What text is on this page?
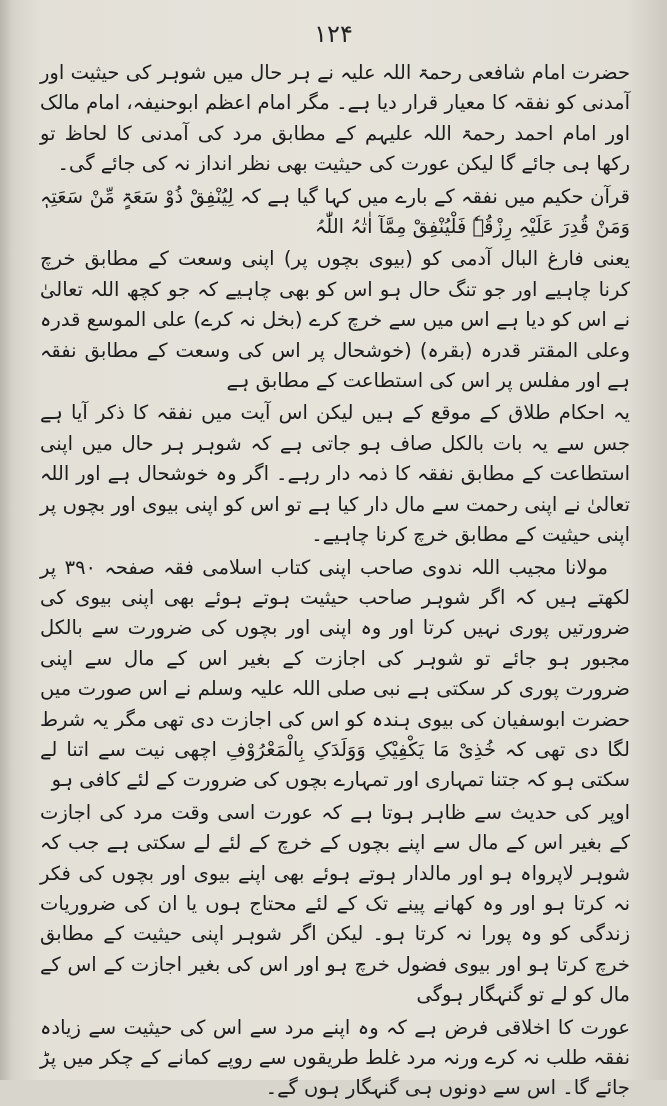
۱۲۴

حضرت امام شافعی رحمۃ اللہ علیہ نے ہر حال میں شوہر کی حیثیت اور آمدنی کو نفقہ کا معیار قرار دیا ہے۔ مگر امام اعظم ابوحنیفہ، امام مالک اور امام احمد رحمۃ اللہ علیہم کے مطابق مرد کی آمدنی کا لحاظ تو رکھا ہی جائے گا لیکن عورت کی حیثیت بھی نظر انداز نہ کی جائے گی۔

قرآن حکیم میں نفقہ کے بارے میں کہا گیا ہے کہ لِیُنْفِقْ ذُوْ سَعَۃٍ مِّنْ سَعَتِہٖ وَمَنْ قُدِرَ عَلَیْہِ رِزْقُہٗ فَلْیُنْفِقْ مِمَّآ اٰتٰہُ اللّٰہُ

یعنی فارغ البال آدمی کو (بیوی بچوں پر) اپنی وسعت کے مطابق خرچ کرنا چاہیے اور جو تنگ حال ہو اس کو بھی چاہیے کہ جو کچھ اللہ تعالیٰ نے اس کو دیا ہے اس میں سے خرچ کرے (بخل نہ کرے) علی الموسع قدرہ وعلی المقتر قدرہ (بقرہ) (خوشحال پر اس کی وسعت کے مطابق نفقہ ہے اور مفلس پر اس کی استطاعت کے مطابق ہے

یہ احکام طلاق کے موقع کے ہیں لیکن اس آیت میں نفقہ کا ذکر آیا ہے جس سے یہ بات بالکل صاف ہو جاتی ہے کہ شوہر ہر حال میں اپنی استطاعت کے مطابق نفقہ کا ذمہ دار رہے۔ اگر وہ خوشحال ہے اور اللہ تعالیٰ نے اپنی رحمت سے مال دار کیا ہے تو اس کو اپنی بیوی اور بچوں پر اپنی حیثیت کے مطابق خرچ کرنا چاہیے۔

مولانا مجیب اللہ ندوی صاحب اپنی کتاب اسلامی فقہ صفحہ ۳۹۰ پر لکھتے ہیں کہ اگر شوہر صاحب حیثیت ہوتے ہوئے بھی اپنی بیوی کی ضرورتیں پوری نہیں کرتا اور وہ اپنی اور بچوں کی ضرورت سے بالکل مجبور ہو جائے تو شوہر کی اجازت کے بغیر اس کے مال سے اپنی ضرورت پوری کر سکتی ہے نبی صلی اللہ علیہ وسلم نے اس صورت میں حضرت ابوسفیان کی بیوی ہندہ کو اس کی اجازت دی تھی مگر یہ شرط لگا دی تھی کہ خُذِیْ مَا یَکْفِیْکِ وَوَلَدَکِ بِالْمَعْرُوْفِ اچھی نیت سے اتنا لے سکتی ہو کہ جتنا تمہاری اور تمہارے بچوں کی ضرورت کے لئے کافی ہو

اوپر کی حدیث سے ظاہر ہوتا ہے کہ عورت اسی وقت مرد کی اجازت کے بغیر اس کے مال سے اپنے بچوں کے خرچ کے لئے لے سکتی ہے جب کہ شوہر لاپرواہ ہو اور مالدار ہوتے ہوئے بھی اپنے بیوی اور بچوں کی فکر نہ کرتا ہو اور وہ کھانے پینے تک کے لئے محتاج ہوں یا ان کی ضروریات زندگی کو وہ پورا نہ کرتا ہو۔ لیکن اگر شوہر اپنی حیثیت کے مطابق خرچ کرتا ہو اور بیوی فضول خرچ ہو اور اس کی بغیر اجازت کے اس کے مال کو لے تو گنہگار ہوگی

عورت کا اخلاقی فرض ہے کہ وہ اپنے مرد سے اس کی حیثیت سے زیادہ نفقہ طلب نہ کرے ورنہ مرد غلط طریقوں سے روپے کمانے کے چکر میں پڑ جائے گا۔ اس سے دونوں ہی گنہگار ہوں گے۔
